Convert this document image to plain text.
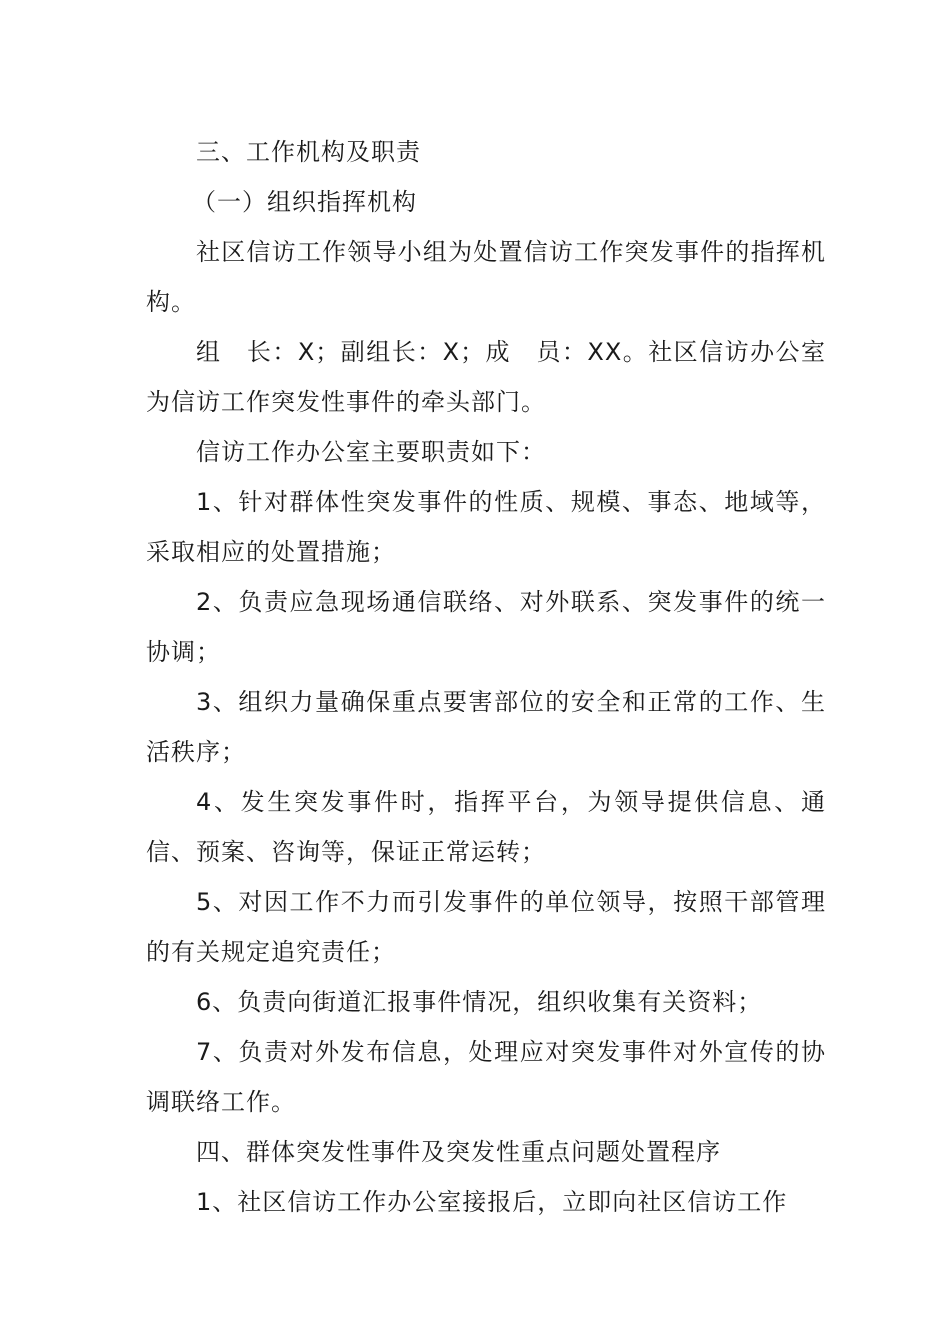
三、工作机构及职责

（一）组织指挥机构

社区信访工作领导小组为处置信访工作突发事件的指挥机构。

组　长：X；副组长：X；成　员：XX。社区信访办公室为信访工作突发性事件的牵头部门。

信访工作办公室主要职责如下：

1、针对群体性突发事件的性质、规模、事态、地域等，采取相应的处置措施；

2、负责应急现场通信联络、对外联系、突发事件的统一协调；

3、组织力量确保重点要害部位的安全和正常的工作、生活秩序；

4、发生突发事件时，指挥平台，为领导提供信息、通信、预案、咨询等，保证正常运转；

5、对因工作不力而引发事件的单位领导，按照干部管理的有关规定追究责任；

6、负责向街道汇报事件情况，组织收集有关资料；

7、负责对外发布信息，处理应对突发事件对外宣传的协调联络工作。

四、群体突发性事件及突发性重点问题处置程序

1、社区信访工作办公室接报后，立即向社区信访工作
